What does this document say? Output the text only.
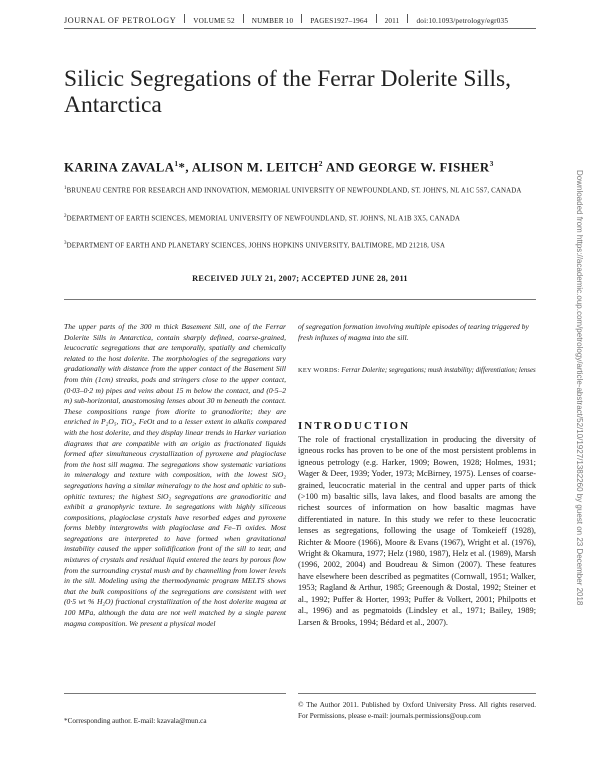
JOURNAL OF PETROLOGY VOLUME 52 NUMBER 10 PAGES1927–1964 2011 doi:10.1093/petrology/egr035
Silicic Segregations of the Ferrar Dolerite Sills, Antarctica
KARINA ZAVALA$^1$*, ALISON M. LEITCH$^2$ AND GEORGE W. FISHER$^3$
$^1$BRUNEAU CENTRE FOR RESEARCH AND INNOVATION, MEMORIAL UNIVERSITY OF NEWFOUNDLAND, ST. JOHN'S, NL A1C 5S7, CANADA
$^2$DEPARTMENT OF EARTH SCIENCES, MEMORIAL UNIVERSITY OF NEWFOUNDLAND, ST. JOHN'S, NL A1B 3X5, CANADA
$^3$DEPARTMENT OF EARTH AND PLANETARY SCIENCES, JOHNS HOPKINS UNIVERSITY, BALTIMORE, MD 21218, USA
RECEIVED JULY 21, 2007; ACCEPTED JUNE 28, 2011
The upper parts of the 300 m thick Basement Sill, one of the Ferrar Dolerite Sills in Antarctica, contain sharply defined, coarse-grained, leucocratic segregations that are temporally, spatially and chemically related to the host dolerite. The morphologies of the segregations vary gradationally with distance from the upper contact of the Basement Sill from thin (1cm) streaks, pods and stringers close to the upper contact, (0·03–0·2 m) pipes and veins about 15 m below the contact, and (0·5–2 m) sub-horizontal, anastomosing lenses about 30 m beneath the contact. These compositions range from diorite to granodiorite; they are enriched in P₂O₅, TiO₂, FeOt and to a lesser extent in alkalis compared with the host dolerite, and they display linear trends in Harker variation diagrams that are compatible with an origin as fractionated liquids formed after simultaneous crystallization of pyroxene and plagioclase from the host sill magma. The segregations show systematic variations in mineralogy and texture with composition, with the lowest SiO₂ segregations having a similar mineralogy to the host and ophitic to sub-ophitic textures; the highest SiO₂ segregations are granodioritic and exhibit a granophyric texture. In segregations with highly siliceous compositions, plagioclase crystals have resorbed edges and pyroxene forms blebby intergrowths with plagioclase and Fe–Ti oxides. Most segregations are interpreted to have formed when gravitational instability caused the upper solidification front of the sill to tear, and mixtures of crystals and residual liquid entered the tears by porous flow from the surrounding crystal mush and by channelling from lower levels in the sill. Modeling using the thermodynamic program MELTS shows that the bulk compositions of the segregations are consistent with wet (0·5 wt % H₂O) fractional crystallization of the host dolerite magma at 100 MPa, although the data are not well matched by a single parent magma composition. We present a physical model
of segregation formation involving multiple episodes of tearing triggered by fresh influxes of magma into the sill.
KEY WORDS: Ferrar Dolerite; segregations; mush instability; differentiation; lenses
INTRODUCTION
The role of fractional crystallization in producing the diversity of igneous rocks has proven to be one of the most persistent problems in igneous petrology (e.g. Harker, 1909; Bowen, 1928; Holmes, 1931; Wager & Deer, 1939; Yoder, 1973; McBirney, 1975). Lenses of coarse-grained, leucocratic material in the central and upper parts of thick (>100 m) basaltic sills, lava lakes, and flood basalts are among the richest sources of information on how basaltic magmas have differentiated in nature. In this study we refer to these leucocratic lenses as segregations, following the usage of Tomkeieff (1928), Richter & Moore (1966), Moore & Evans (1967), Wright et al. (1976), Wright & Okamura, 1977; Helz (1980, 1987), Helz et al. (1989), Marsh (1996, 2002, 2004) and Boudreau & Simon (2007). These features have elsewhere been described as pegmatites (Cornwall, 1951; Walker, 1953; Ragland & Arthur, 1985; Greenough & Dostal, 1992; Steiner et al., 1992; Puffer & Horter, 1993; Puffer & Volkert, 2001; Philpotts et al., 1996) and as pegmatoids (Lindsley et al., 1971; Bailey, 1989; Larsen & Brooks, 1994; Bédard et al., 2007).
*Corresponding author. E-mail: kzavala@mun.ca
© The Author 2011. Published by Oxford University Press. All rights reserved. For Permissions, please e-mail: journals.permissions@oup.com
Downloaded from https://academic.oup.com/petrology/article-abstract/52/10/1927/1382260 by guest on 23 December 2018
